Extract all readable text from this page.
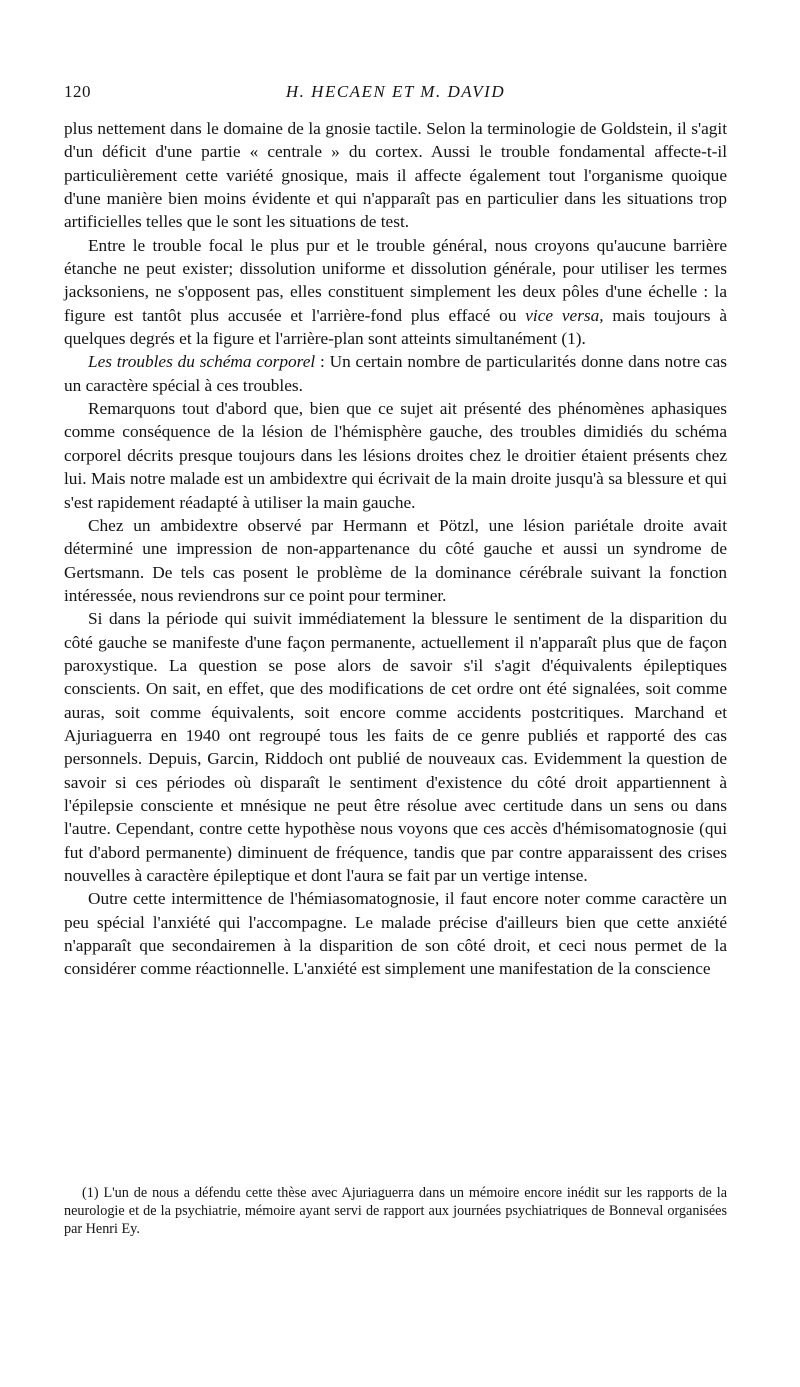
120	H. HECAEN ET M. DAVID

plus nettement dans le domaine de la gnosie tactile. Selon la terminologie de Goldstein, il s'agit d'un déficit d'une partie « centrale » du cortex. Aussi le trouble fondamental affecte-t-il particulièrement cette variété gnosique, mais il affecte également tout l'organisme quoique d'une manière bien moins évidente et qui n'apparaît pas en particulier dans les situations trop artificielles telles que le sont les situations de test.

Entre le trouble focal le plus pur et le trouble général, nous croyons qu'aucune barrière étanche ne peut exister; dissolution uniforme et dissolution générale, pour utiliser les termes jacksoniens, ne s'opposent pas, elles constituent simplement les deux pôles d'une échelle : la figure est tantôt plus accusée et l'arrière-fond plus effacé ou vice versa, mais toujours à quelques degrés et la figure et l'arrière-plan sont atteints simultanément (1).

Les troubles du schéma corporel : Un certain nombre de particularités donne dans notre cas un caractère spécial à ces troubles.

Remarquons tout d'abord que, bien que ce sujet ait présenté des phénomènes aphasiques comme conséquence de la lésion de l'hémisphère gauche, des troubles dimidiés du schéma corporel décrits presque toujours dans les lésions droites chez le droitier étaient présents chez lui. Mais notre malade est un ambidextre qui écrivait de la main droite jusqu'à sa blessure et qui s'est rapidement réadapté à utiliser la main gauche.

Chez un ambidextre observé par Hermann et Pötzl, une lésion pariétale droite avait déterminé une impression de non-appartenance du côté gauche et aussi un syndrome de Gertsmann. De tels cas posent le problème de la dominance cérébrale suivant la fonction intéressée, nous reviendrons sur ce point pour terminer.

Si dans la période qui suivit immédiatement la blessure le sentiment de la disparition du côté gauche se manifeste d'une façon permanente, actuellement il n'apparaît plus que de façon paroxystique. La question se pose alors de savoir s'il s'agit d'équivalents épileptiques conscients. On sait, en effet, que des modifications de cet ordre ont été signalées, soit comme auras, soit comme équivalents, soit encore comme accidents postcritiques. Marchand et Ajuriaguerra en 1940 ont regroupé tous les faits de ce genre publiés et rapporté des cas personnels. Depuis, Garcin, Riddoch ont publié de nouveaux cas. Evidemment la question de savoir si ces périodes où disparaît le sentiment d'existence du côté droit appartiennent à l'épilepsie consciente et mnésique ne peut être résolue avec certitude dans un sens ou dans l'autre. Cependant, contre cette hypothèse nous voyons que ces accès d'hémisomatognosie (qui fut d'abord permanente) diminuent de fréquence, tandis que par contre apparaissent des crises nouvelles à caractère épileptique et dont l'aura se fait par un vertige intense.

Outre cette intermittence de l'hémiasomatognosie, il faut encore noter comme caractère un peu spécial l'anxiété qui l'accompagne. Le malade précise d'ailleurs bien que cette anxiété n'apparaît que secondairemen à la disparition de son côté droit, et ceci nous permet de la considérer comme réactionnelle. L'anxiété est simplement une manifestation de la conscience

(1) L'un de nous a défendu cette thèse avec Ajuriaguerra dans un mémoire encore inédit sur les rapports de la neurologie et de la psychiatrie, mémoire ayant servi de rapport aux journées psychiatriques de Bonneval organisées par Henri Ey.
